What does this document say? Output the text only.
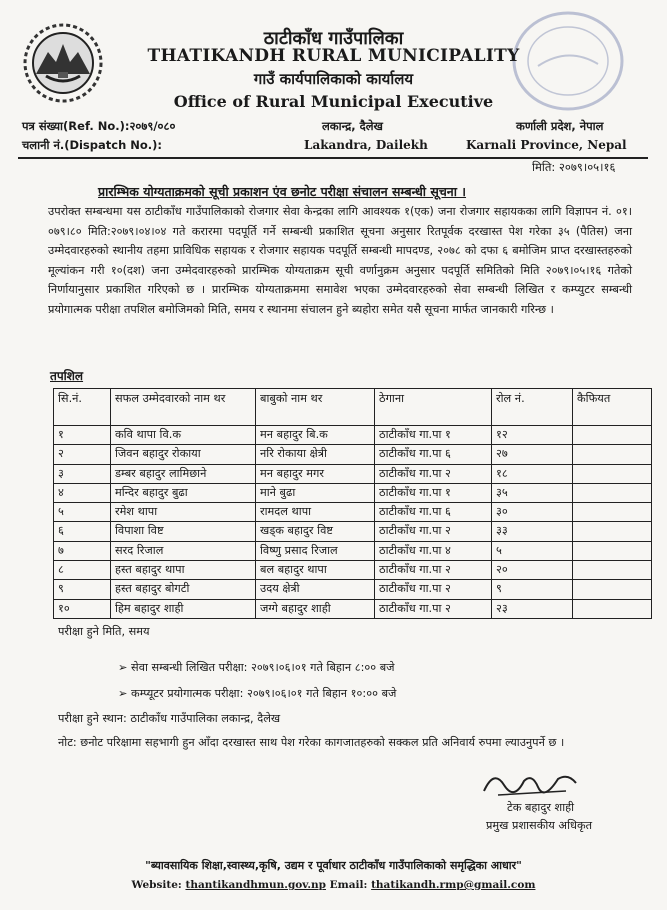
ठाटीकाँध गाउँपालिका
THATIKANDH RURAL MUNICIPALITY
गाउँ कार्यपालिकाको कार्यालय
Office of Rural Municipal Executive
पत्र संख्या(Ref. No.):२०७९/०८०
चलानी नं.(Dispatch No.):
लकान्द्र, दैलेख
Lakandra, Dailekh
कर्णाली प्रदेश, नेपाल
Karnali Province, Nepal
मिति: २०७९।०५।१६
प्रारम्भिक योग्यताक्रमको सूची प्रकाशन एंव छनोट परीक्षा संचालन सम्बन्धी सूचना ।
उपरोक्त सम्बन्धमा यस ठाटीकाँध गाउँपालिकाको रोजगार सेवा केन्द्रका लागि आवश्यक १(एक) जना रोजगार सहायकका लागि विज्ञापन नं. ०१।०७९।८० मिति:२०७९।०४।०४ गते करारमा पदपूर्ति गर्ने सम्बन्धी प्रकाशित सूचना अनुसार रितपूर्वक दरखास्त पेश गरेका ३५ (पैतिस) जना उम्मेदवारहरुको स्थानीय तहमा प्राविधिक सहायक र रोजगार सहायक पदपूर्ति सम्बन्धी मापदण्ड, २०७८ को दफा ६ बमोजिम प्राप्त दरखास्तहरुको मूल्यांकन गरी १०(दश) जना उम्मेदवारहरुको प्रारम्भिक योग्यताक्रम सूची वर्णानुक्रम अनुसार पदपूर्ति समितिको मिति २०७९।०५।१६ गतेको निर्णायानुसार प्रकाशित गरिएको छ । प्रारम्भिक योग्यताक्रममा समावेश भएका उम्मेदवारहरुको सेवा सम्बन्धी लिखित र कम्प्युटर सम्बन्धी प्रयोगात्मक परीक्षा तपशिल बमोजिमको मिति, समय र स्थानमा संचालन हुने ब्यहोरा समेत यसै सूचना मार्फत जानकारी गरिन्छ ।
तपशिल
सि.नं.	सफल उम्मेदवारको नाम थर	बाबुको नाम थर	ठेगाना	रोल नं.	कैफियत
१	कवि थापा वि.क	मन बहादुर बि.क	ठाटीकाँध गा.पा १	१२	
२	जिवन बहादुर रोकाया	नरि रोकाया क्षेत्री	ठाटीकाँध गा.पा ६	२७	
३	डम्बर बहादुर लामिछाने	मन बहादुर मगर	ठाटीकाँध गा.पा २	१८	
४	मन्दिर बहादुर बुढा	माने बुढा	ठाटीकाँध गा.पा १	३५	
५	रमेश थापा	रामदल थापा	ठाटीकाँध गा.पा ६	३०	
६	विपाशा विष्ट	खड्क बहादुर विष्ट	ठाटीकाँध गा.पा २	३३	
७	सरद रिजाल	विष्णु प्रसाद रिजाल	ठाटीकाँध गा.पा ४	५	
८	हस्त बहादुर थापा	बल बहादुर थापा	ठाटीकाँध गा.पा २	२०	
९	हस्त बहादुर बोगटी	उदय क्षेत्री	ठाटीकाँध गा.पा २	९	
१०	हिम बहादुर शाही	जग्गे बहादुर शाही	ठाटीकाँध गा.पा २	२३	
परीक्षा हुने मिति, समय
➢ सेवा सम्बन्धी लिखित परीक्षा: २०७९।०६।०१ गते बिहान ८:०० बजे
➢ कम्प्यूटर प्रयोगात्मक परीक्षा: २०७९।०६।०१ गते बिहान १०:०० बजे
परीक्षा हुने स्थान: ठाटीकाँध गाउँपालिका लकान्द्र, दैलेख
नोट: छनोट परिक्षामा सहभागी हुन आँदा दरखास्त साथ पेश गरेका कागजातहरुको सक्कल प्रति अनिवार्य रुपमा ल्याउनुपर्ने छ ।
टेक बहादुर शाही
प्रमुख प्रशासकीय अधिकृत
"ब्यावसायिक शिक्षा,स्वास्थ्य,कृषि, उद्यम र पूर्वाधार ठाटीकाँध गाउँपालिकाको समृद्धिका आधार"
Website: thantikandhmun.gov.np Email: thatikandh.rmp@gmail.com
